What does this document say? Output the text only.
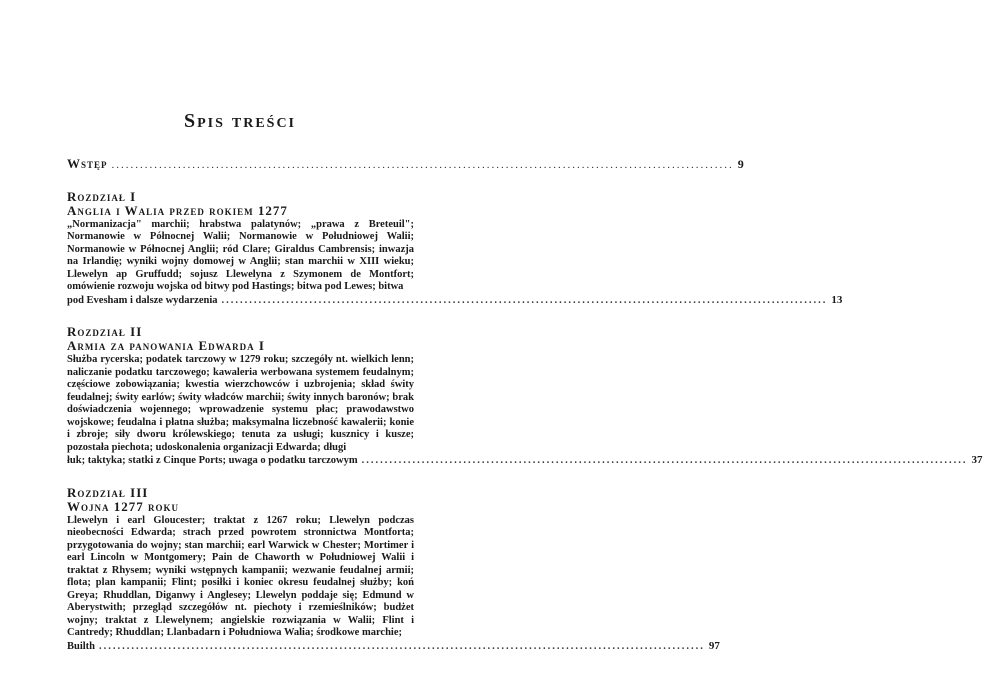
Spis treści
Wstęp ................................................................................................................................... 9
Rozdział I
Anglia i Walia przed rokiem 1277

„Normanizacja" marchii; hrabstwa palatynów; „prawa z Breteuil"; Normanowie w Północnej Walii; Normanowie w Południowej Walii; Normanowie w Północnej Anglii; ród Clare; Giraldus Cambrensis; inwazja na Irlandię; wyniki wojny domowej w Anglii; stan marchii w XIII wieku; Llewelyn ap Gruffudd; sojusz Llewelyna z Szymonem de Montfort; omówienie rozwoju wojska od bitwy pod Hastings; bitwa pod Lewes; bitwa

pod Evesham i dalsze wydarzenia ................................................................................................................................... 13
Rozdział II
Armia za panowania Edwarda I

Służba rycerska; podatek tarczowy w 1279 roku; szczegóły nt. wielkich lenn; naliczanie podatku tarczowego; kawaleria werbowana systemem feudalnym; częściowe zobowiązania; kwestia wierzchowców i uzbrojenia; skład świty feudalnej; świty earlów; świty władców marchii; świty innych baronów; brak doświadczenia wojennego; wprowadzenie systemu płac; prawodawstwo wojskowe; feudalna i płatna służba; maksymalna liczebność kawalerii; konie i zbroje; siły dworu królewskiego; tenuta za usługi; kusznicy i kusze; pozostała piechota; udoskonalenia organizacji Edwarda; długi

łuk; taktyka; statki z Cinque Ports; uwaga o podatku tarczowym ................................................................................................................................... 37
Rozdział III
Wojna 1277 roku

Llewelyn i earl Gloucester; traktat z 1267 roku; Llewelyn podczas nieobecności Edwarda; strach przed powrotem stronnictwa Montforta; przygotowania do wojny; stan marchii; earl Warwick w Chester; Mortimer i earl Lincoln w Montgomery; Pain de Chaworth w Południowej Walii i traktat z Rhysem; wyniki wstępnych kampanii; wezwanie feudalnej armii; flota; plan kampanii; Flint; posiłki i koniec okresu feudalnej służby; koń Greya; Rhuddlan, Diganwy i Anglesey; Llewelyn poddaje się; Edmund w Aberystwith; przegląd szczegółów nt. piechoty i rzemieślników; budżet wojny; traktat z Llewelynem; angielskie rozwiązania w Walii; Flint i Cantredy; Rhuddlan; Llanbadarn i Południowa Walia; środkowe marchie;

Builth ................................................................................................................................... 97
